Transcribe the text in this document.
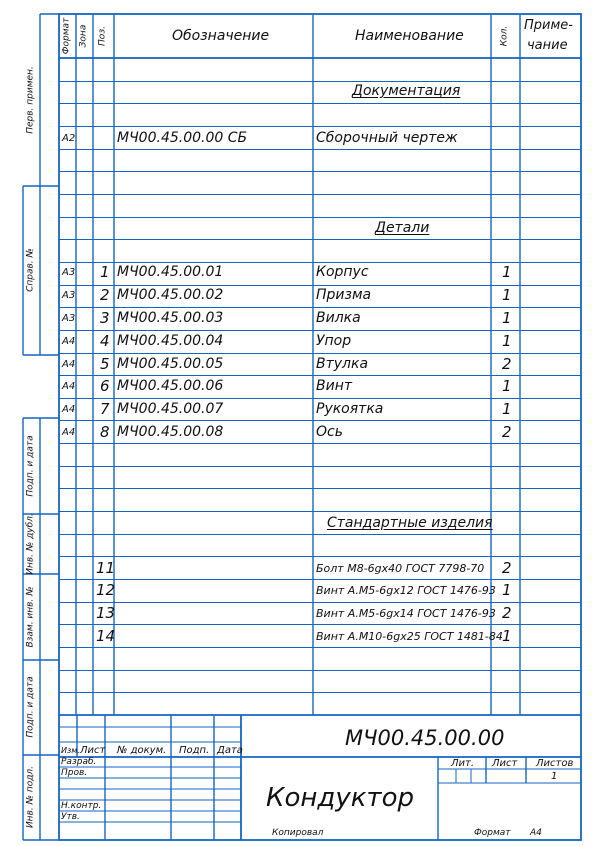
Формат Зона Поз.	Обозначение	Наименование	Кол.
Приме-
чание
Перв. примен.
Справ. №
Подп. и дата
Инв. № дубл.
Взам. инв. №
Подп. и дата
Инв. № подл.
Документация
Детали
Стандартные изделия
А2	МЧ00.45.00.00 СБ	Сборочный чертеж
А3 1 МЧ00.45.00.01	Корпус	1
А3 2 МЧ00.45.00.02	Призма	1
А3 3 МЧ00.45.00.03	Вилка	1
А4 4 МЧ00.45.00.04	Упор	1
А4 5 МЧ00.45.00.05	Втулка	2
А4 6 МЧ00.45.00.06	Винт	1
А4 7 МЧ00.45.00.07	Рукоятка	1
А4 8 МЧ00.45.00.08	Ось	2
11	Болт М8-6gх40 ГОСТ 7798-70 2
12	Винт А.М5-6gх12 ГОСТ 1476-93 1
13	Винт А.М5-6gх14 ГОСТ 1476-93 2
14	Винт А.М10-6gх25 ГОСТ 1481-84 1
МЧ00.45.00.00
Кондуктор
Изм. Лист № докум. Подп. Дата
Разраб.
Пров.
Н.контр.
Утв.
Лит. Лист Листов
1
Копировал	Формат А4
